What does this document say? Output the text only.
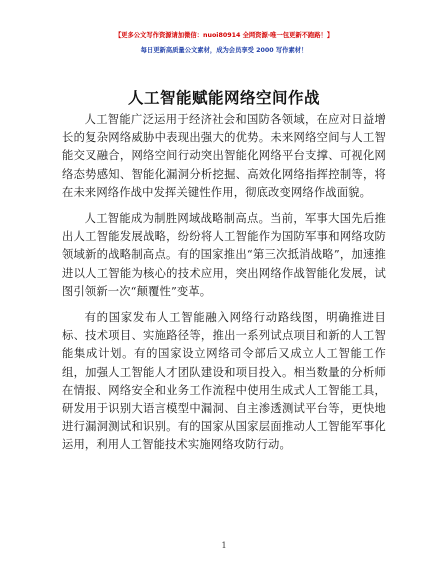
【更多公文写作资源请加微信：nuoi80914 全网资源·唯一包更新不跑路！】
每日更新高质量公文素材，成为会员享受 2000 写作素材！
人工智能赋能网络空间作战

人工智能广泛运用于经济社会和国防各领域，在应对日益增长的复杂网络威胁中表现出强大的优势。未来网络空间与人工智能交叉融合，网络空间行动突出智能化网络平台支撑、可视化网络态势感知、智能化漏洞分析挖掘、高效化网络指挥控制等，将在未来网络作战中发挥关键性作用，彻底改变网络作战面貌。

人工智能成为制胜网域战略制高点。当前，军事大国先后推出人工智能发展战略，纷纷将人工智能作为国防军事和网络攻防领域新的战略制高点。有的国家推出“第三次抵消战略”，加速推进以人工智能为核心的技术应用，突出网络作战智能化发展，试图引领新一次“颠覆性”变革。

有的国家发布人工智能融入网络行动路线图，明确推进目标、技术项目、实施路径等，推出一系列试点项目和新的人工智能集成计划。有的国家设立网络司令部后又成立人工智能工作组，加强人工智能人才团队建设和项目投入。相当数量的分析师在情报、网络安全和业务工作流程中使用生成式人工智能工具，研发用于识别大语言模型中漏洞、自主渗透测试平台等，更快地进行漏洞测试和识别。有的国家从国家层面推动人工智能军事化运用，利用人工智能技术实施网络攻防行动。

1
